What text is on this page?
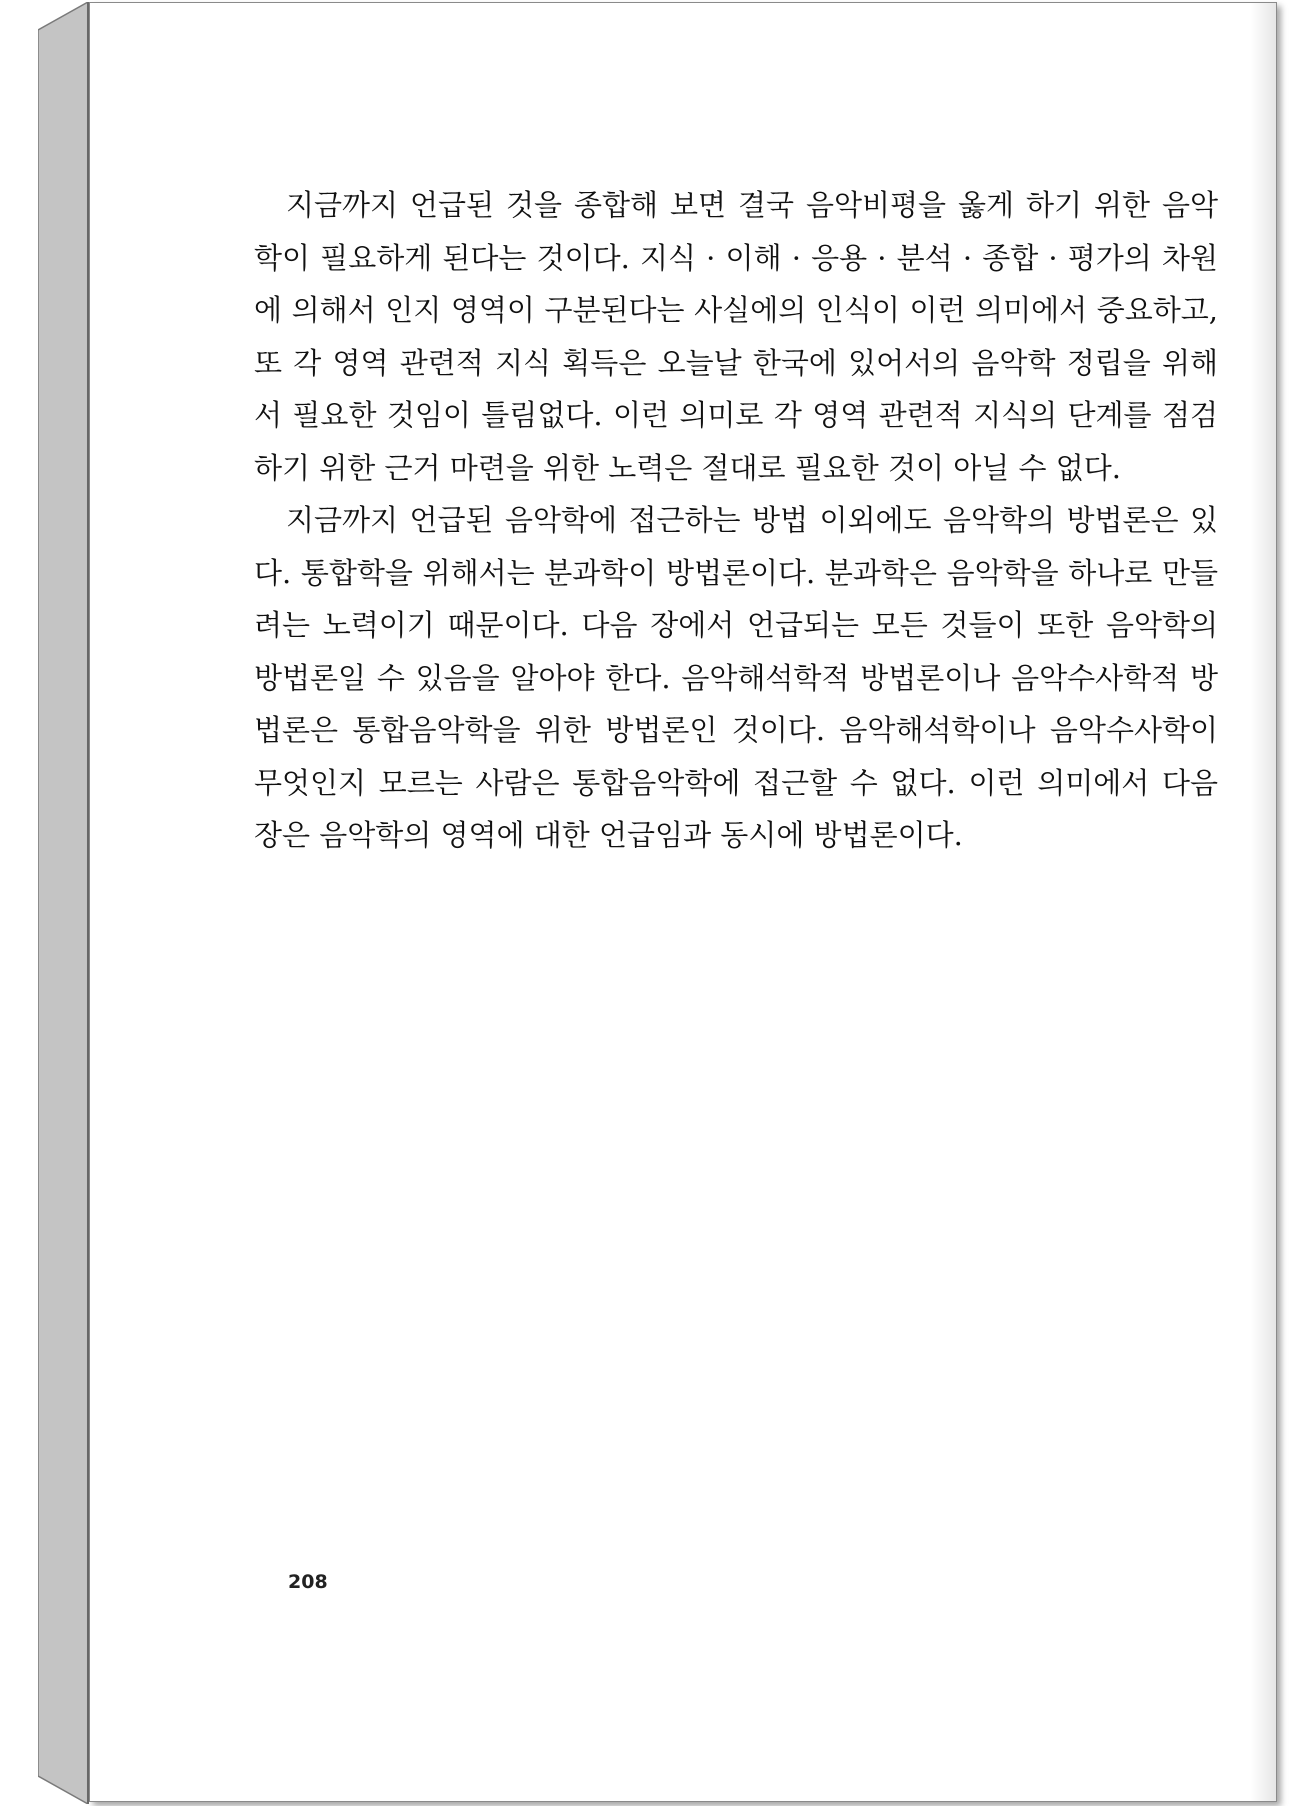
지금까지 언급된 것을 종합해 보면 결국 음악비평을 옳게 하기 위한 음악학이 필요하게 된다는 것이다. 지식 · 이해 · 응용 · 분석 · 종합 · 평가의 차원에 의해서 인지 영역이 구분된다는 사실에의 인식이 이런 의미에서 중요하고, 또 각 영역 관련적 지식 획득은 오늘날 한국에 있어서의 음악학 정립을 위해서 필요한 것임이 틀림없다. 이런 의미로 각 영역 관련적 지식의 단계를 점검하기 위한 근거 마련을 위한 노력은 절대로 필요한 것이 아닐 수 없다.

지금까지 언급된 음악학에 접근하는 방법 이외에도 음악학의 방법론은 있다. 통합학을 위해서는 분과학이 방법론이다. 분과학은 음악학을 하나로 만들려는 노력이기 때문이다. 다음 장에서 언급되는 모든 것들이 또한 음악학의 방법론일 수 있음을 알아야 한다. 음악해석학적 방법론이나 음악수사학적 방법론은 통합음악학을 위한 방법론인 것이다. 음악해석학이나 음악수사학이 무엇인지 모르는 사람은 통합음악학에 접근할 수 없다. 이런 의미에서 다음 장은 음악학의 영역에 대한 언급임과 동시에 방법론이다.

208
